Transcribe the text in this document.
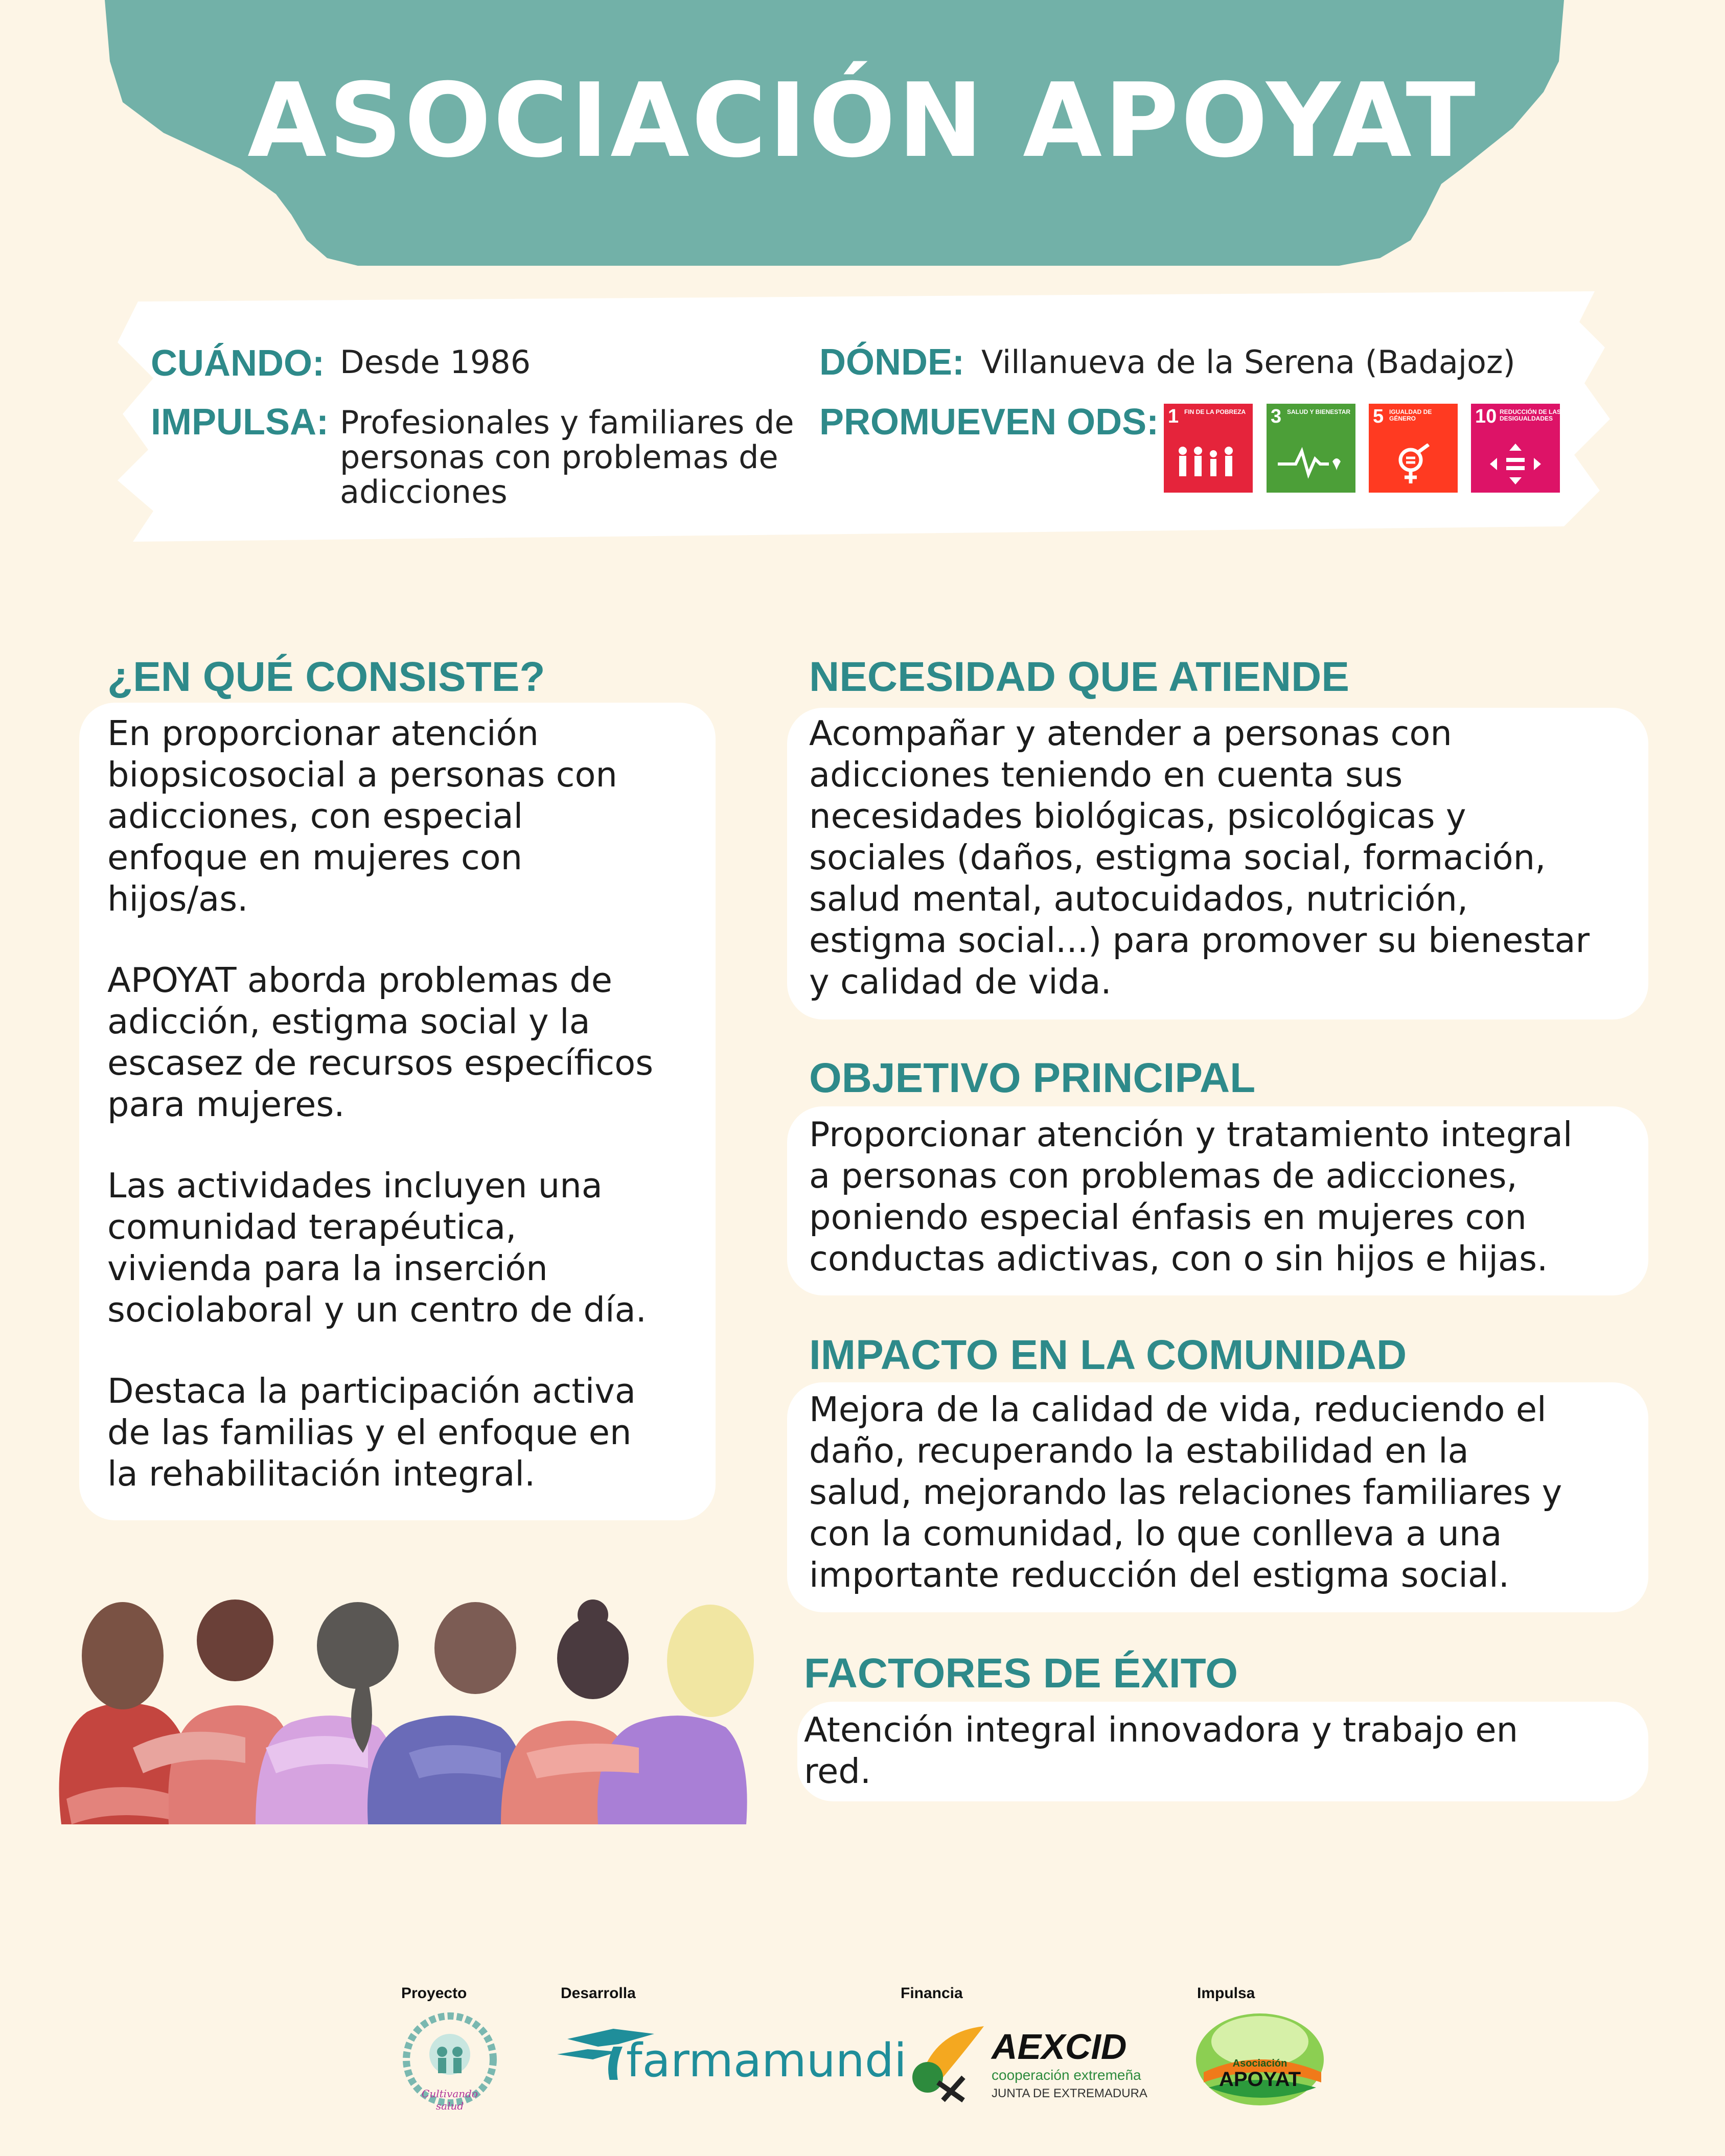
ASOCIACIÓN APOYAT
CUÁNDO: Desde 1986
IMPULSA: Profesionales y familiares de
personas con problemas de
adicciones
DÓNDE: Villanueva de la Serena (Badajoz)
PROMUEVEN ODS: 1 FIN DE LA POBREZA 3 SALUD Y BIENESTAR 5 IGUALDAD DE GÉNERO	10 REDUCCIÓN DE LAS DESIGUALDADES
¿EN QUÉ CONSISTE?

En proporcionar atención
biopsicosocial a personas con
adicciones, con especial
enfoque en mujeres con
hijos/as.

APOYAT aborda problemas de
adicción, estigma social y la
escasez de recursos específicos
para mujeres.

Las actividades incluyen una
comunidad terapéutica,
vivienda para la inserción
sociolaboral y un centro de día.

Destaca la participación activa
de las familias y el enfoque en
la rehabilitación integral.

NECESIDAD QUE ATIENDE
Acompañar y atender a personas con
adicciones teniendo en cuenta sus
necesidades biológicas, psicológicas y
sociales (daños, estigma social, formación,
salud mental, autocuidados, nutrición,
estigma social...) para promover su bienestar
y calidad de vida.
OBJETIVO PRINCIPAL
Proporcionar atención y tratamiento integral
a personas con problemas de adicciones,
poniendo especial énfasis en mujeres con
conductas adictivas, con o sin hijos e hijas.
IMPACTO EN LA COMUNIDAD
Mejora de la calidad de vida, reduciendo el
daño, recuperando la estabilidad en la
salud, mejorando las relaciones familiares y
con la comunidad, lo que conlleva a una
importante reducción del estigma social.
FACTORES DE ÉXITO
Atención integral innovadora y trabajo en
red.
Proyecto	Desarrolla	Financia	Impulsa
Cultivando salud
farmamundi AEXCID
cooperación extremeña
JUNTA DE EXTREMADURA
Asociación
APOYAT
